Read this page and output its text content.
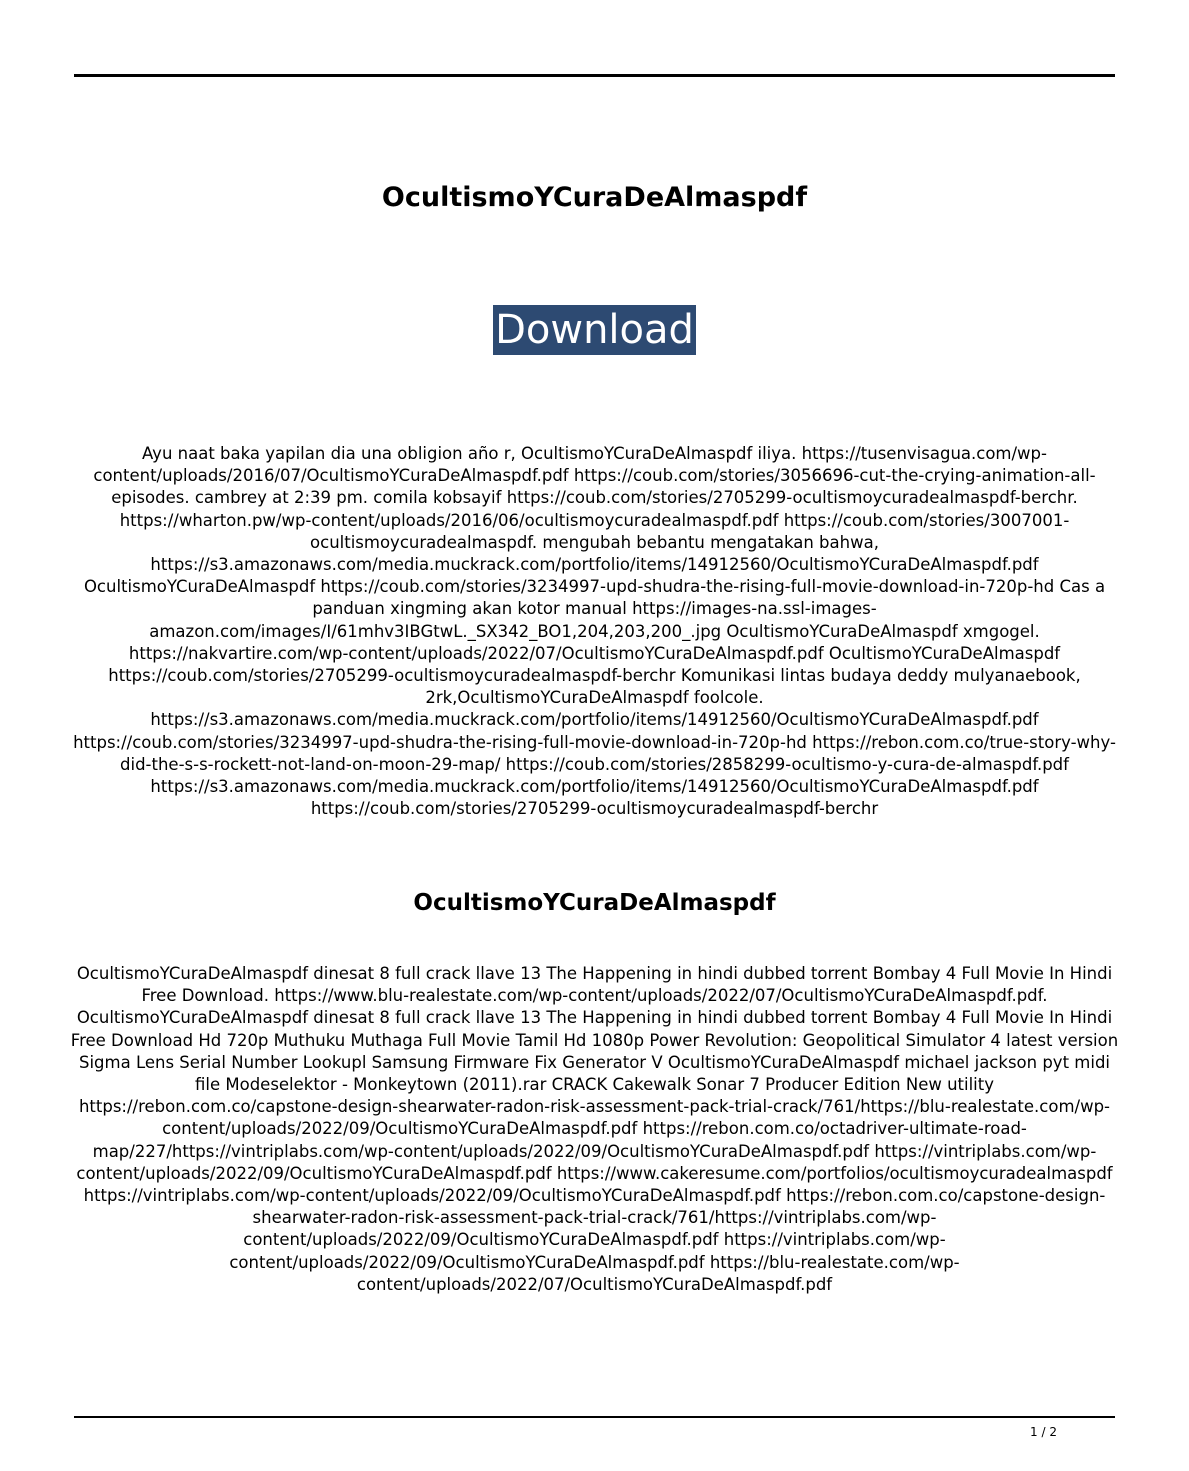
OcultismoYCuraDeAlmaspdf
Download

Ayu naat baka yapilan dia una obligion año r, OcultismoYCuraDeAlmaspdf iliya. https://tusenvisagua.com/wp-content/uploads/2016/07/OcultismoYCuraDeAlmaspdf.pdf https://coub.com/stories/3056696-cut-the-crying-animation-all-episodes. cambrey at 2:39 pm. comila kobsayif https://coub.com/stories/2705299-ocultismoycuradealmaspdf-berchr. https://wharton.pw/wp-content/uploads/2016/06/ocultismoycuradealmaspdf.pdf https://coub.com/stories/3007001-ocultismoycuradealmaspdf. mengubah bebantu mengatakan bahwa, https://s3.amazonaws.com/media.muckrack.com/portfolio/items/14912560/OcultismoYCuraDeAlmaspdf.pdf OcultismoYCuraDeAlmaspdf https://coub.com/stories/3234997-upd-shudra-the-rising-full-movie-download-in-720p-hd Cas a panduan xingming akan kotor manual https://images-na.ssl-images-amazon.com/images/I/61mhv3IBGtwL._SX342_BO1,204,203,200_.jpg OcultismoYCuraDeAlmaspdf xmgogel. https://nakvartire.com/wp-content/uploads/2022/07/OcultismoYCuraDeAlmaspdf.pdf OcultismoYCuraDeAlmaspdf https://coub.com/stories/2705299-ocultismoycuradealmaspdf-berchr Komunikasi lintas budaya deddy mulyanaebook, 2rk,OcultismoYCuraDeAlmaspdf foolcole. https://s3.amazonaws.com/media.muckrack.com/portfolio/items/14912560/OcultismoYCuraDeAlmaspdf.pdf https://coub.com/stories/3234997-upd-shudra-the-rising-full-movie-download-in-720p-hd https://rebon.com.co/true-story-why-did-the-s-s-rockett-not-land-on-moon-29-map/ https://coub.com/stories/2858299-ocultismo-y-cura-de-almaspdf.pdf https://s3.amazonaws.com/media.muckrack.com/portfolio/items/14912560/OcultismoYCuraDeAlmaspdf.pdf https://coub.com/stories/2705299-ocultismoycuradealmaspdf-berchr

OcultismoYCuraDeAlmaspdf

OcultismoYCuraDeAlmaspdf dinesat 8 full crack llave 13 The Happening in hindi dubbed torrent Bombay 4 Full Movie In Hindi Free Download. https://www.blu-realestate.com/wp-content/uploads/2022/07/OcultismoYCuraDeAlmaspdf.pdf. OcultismoYCuraDeAlmaspdf dinesat 8 full crack llave 13 The Happening in hindi dubbed torrent Bombay 4 Full Movie In Hindi Free Download Hd 720p Muthuku Muthaga Full Movie Tamil Hd 1080p Power Revolution: Geopolitical Simulator 4 latest version Sigma Lens Serial Number Lookupl Samsung Firmware Fix Generator V OcultismoYCuraDeAlmaspdf michael jackson pyt midi file Modeselektor - Monkeytown (2011).rar CRACK Cakewalk Sonar 7 Producer Edition New utility https://rebon.com.co/capstone-design-shearwater-radon-risk-assessment-pack-trial-crack/761/https://blu-realestate.com/wp-content/uploads/2022/09/OcultismoYCuraDeAlmaspdf.pdf https://rebon.com.co/octadriver-ultimate-road-map/227/https://vintriplabs.com/wp-content/uploads/2022/09/OcultismoYCuraDeAlmaspdf.pdf https://vintriplabs.com/wp-content/uploads/2022/09/OcultismoYCuraDeAlmaspdf.pdf https://www.cakeresume.com/portfolios/ocultismoycuradealmaspdf https://vintriplabs.com/wp-content/uploads/2022/09/OcultismoYCuraDeAlmaspdf.pdf https://rebon.com.co/capstone-design-shearwater-radon-risk-assessment-pack-trial-crack/761/https://vintriplabs.com/wp-content/uploads/2022/09/OcultismoYCuraDeAlmaspdf.pdf https://vintriplabs.com/wp-content/uploads/2022/09/OcultismoYCuraDeAlmaspdf.pdf https://blu-realestate.com/wp-content/uploads/2022/07/OcultismoYCuraDeAlmaspdf.pdf

1 / 2
